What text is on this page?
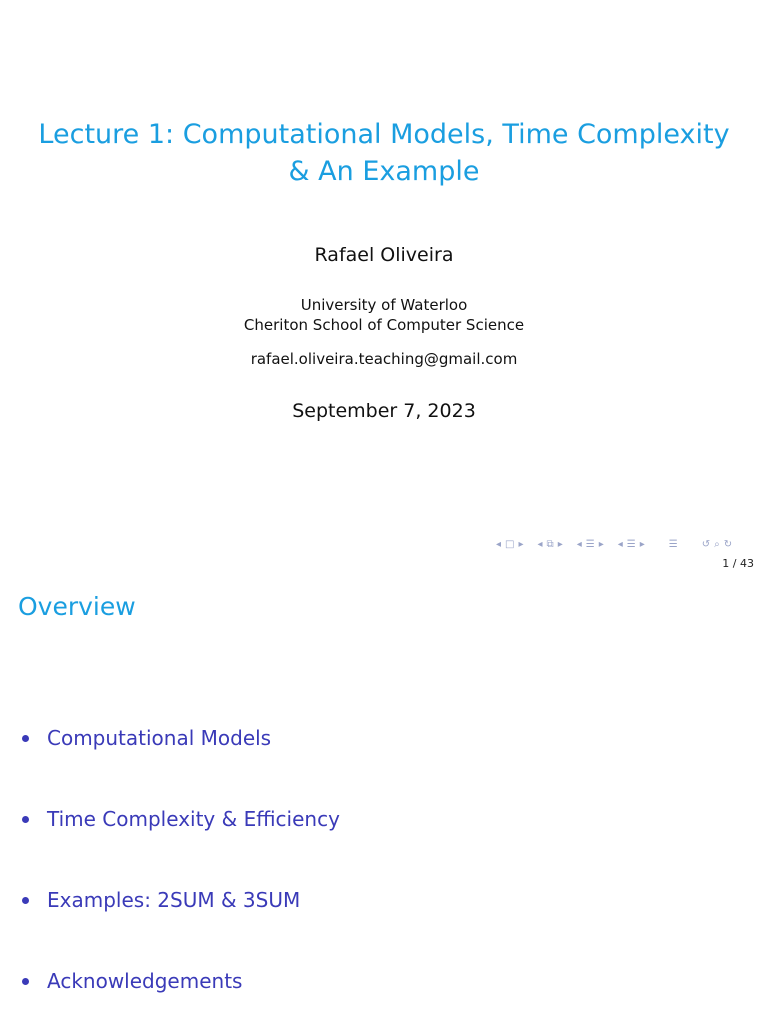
Lecture 1: Computational Models, Time Complexity
& An Example
Rafael Oliveira
University of Waterloo
Cheriton School of Computer Science
rafael.oliveira.teaching@gmail.com
September 7, 2023
◂ □ ▸ ◂ ⧉ ▸ ◂ ☰ ▸ ◂ ☰ ▸ ☰ ↺ ⌕ ↻
1 / 43
Overview
Computational Models
Time Complexity & Efficiency
Examples: 2SUM & 3SUM
Acknowledgements
